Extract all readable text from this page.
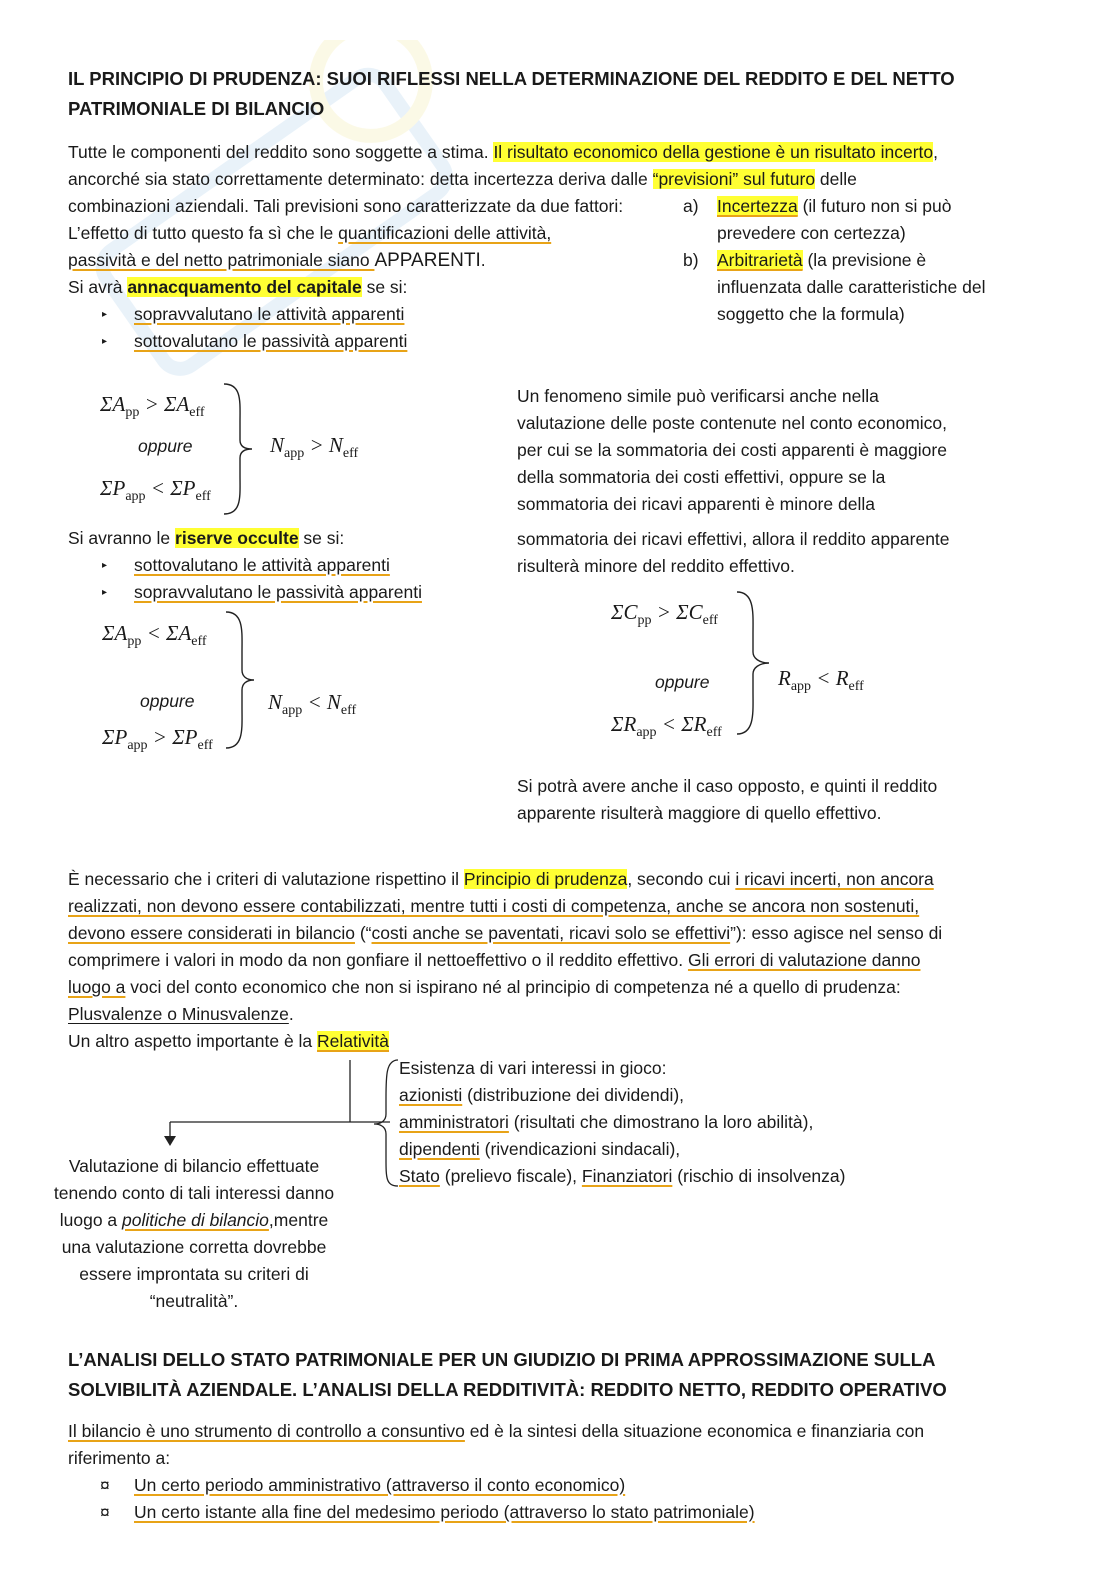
IL PRINCIPIO DI PRUDENZA: SUOI RIFLESSI NELLA DETERMINAZIONE DEL REDDITO E DEL NETTO
PATRIMONIALE DI BILANCIO
Tutte le componenti del reddito sono soggette a stima. Il risultato economico della gestione è un risultato incerto,
ancorché sia stato correttamente determinato: detta incertezza deriva dalle “previsioni” sul futuro delle
combinazioni aziendali. Tali previsioni sono caratterizzate da due fattori:
L’effetto di tutto questo fa sì che le quantificazioni delle attività,
passività e del netto patrimoniale siano APPARENTI.
Si avrà annacquamento del capitale se si:
▸ sopravvalutano le attività apparenti
▸ sottovalutano le passività apparenti
a) Incertezza (il futuro non si può
prevedere con certezza)
b) Arbitrarietà (la previsione è
influenzata dalle caratteristiche del
soggetto che la formula)
$\Sigma A_{pp} > \Sigma A_{eff}$
oppure
$\Sigma P_{app} < \Sigma P_{eff}$
$N_{app} > N_{eff}$
Un fenomeno simile può verificarsi anche nella
valutazione delle poste contenute nel conto economico,
per cui se la sommatoria dei costi apparenti è maggiore
della sommatoria dei costi effettivi, oppure se la
sommatoria dei ricavi apparenti è minore della
sommatoria dei ricavi effettivi, allora il reddito apparente
risulterà minore del reddito effettivo.
Si avranno le riserve occulte se si:
▸ sottovalutano le attività apparenti
▸ sopravvalutano le passività apparenti
$\Sigma A_{pp} < \Sigma A_{eff}$
oppure
$\Sigma P_{app} > \Sigma P_{eff}$
$N_{app} < N_{eff}$
$\Sigma C_{pp} > \Sigma C_{eff}$
oppure
$\Sigma R_{app} < \Sigma R_{eff}$
$R_{app} < R_{eff}$
Si potrà avere anche il caso opposto, e quinti il reddito
apparente risulterà maggiore di quello effettivo.
È necessario che i criteri di valutazione rispettino il Principio di prudenza, secondo cui i ricavi incerti, non ancora
realizzati, non devono essere contabilizzati, mentre tutti i costi di competenza, anche se ancora non sostenuti,
devono essere considerati in bilancio (“costi anche se paventati, ricavi solo se effettivi”): esso agisce nel senso di
comprimere i valori in modo da non gonfiare il nettoeffettivo o il reddito effettivo. Gli errori di valutazione danno
luogo a voci del conto economico che non si ispirano né al principio di competenza né a quello di prudenza:
Plusvalenze o Minusvalenze.
Un altro aspetto importante è la Relatività
Esistenza di vari interessi in gioco:
azionisti (distribuzione dei dividendi),
amministratori (risultati che dimostrano la loro abilità),
dipendenti (rivendicazioni sindacali),
Stato (prelievo fiscale), Finanziatori (rischio di insolvenza)
Valutazione di bilancio effettuate
tenendo conto di tali interessi danno
luogo a politiche di bilancio,mentre
una valutazione corretta dovrebbe
essere improntata su criteri di
“neutralità”.
L’ANALISI DELLO STATO PATRIMONIALE PER UN GIUDIZIO DI PRIMA APPROSSIMAZIONE SULLA
SOLVIBILITÀ AZIENDALE. L’ANALISI DELLA REDDITIVITÀ: REDDITO NETTO, REDDITO OPERATIVO
Il bilancio è uno strumento di controllo a consuntivo ed è la sintesi della situazione economica e finanziaria con
riferimento a:
¤ Un certo periodo amministrativo (attraverso il conto economico)
¤ Un certo istante alla fine del medesimo periodo (attraverso lo stato patrimoniale)
